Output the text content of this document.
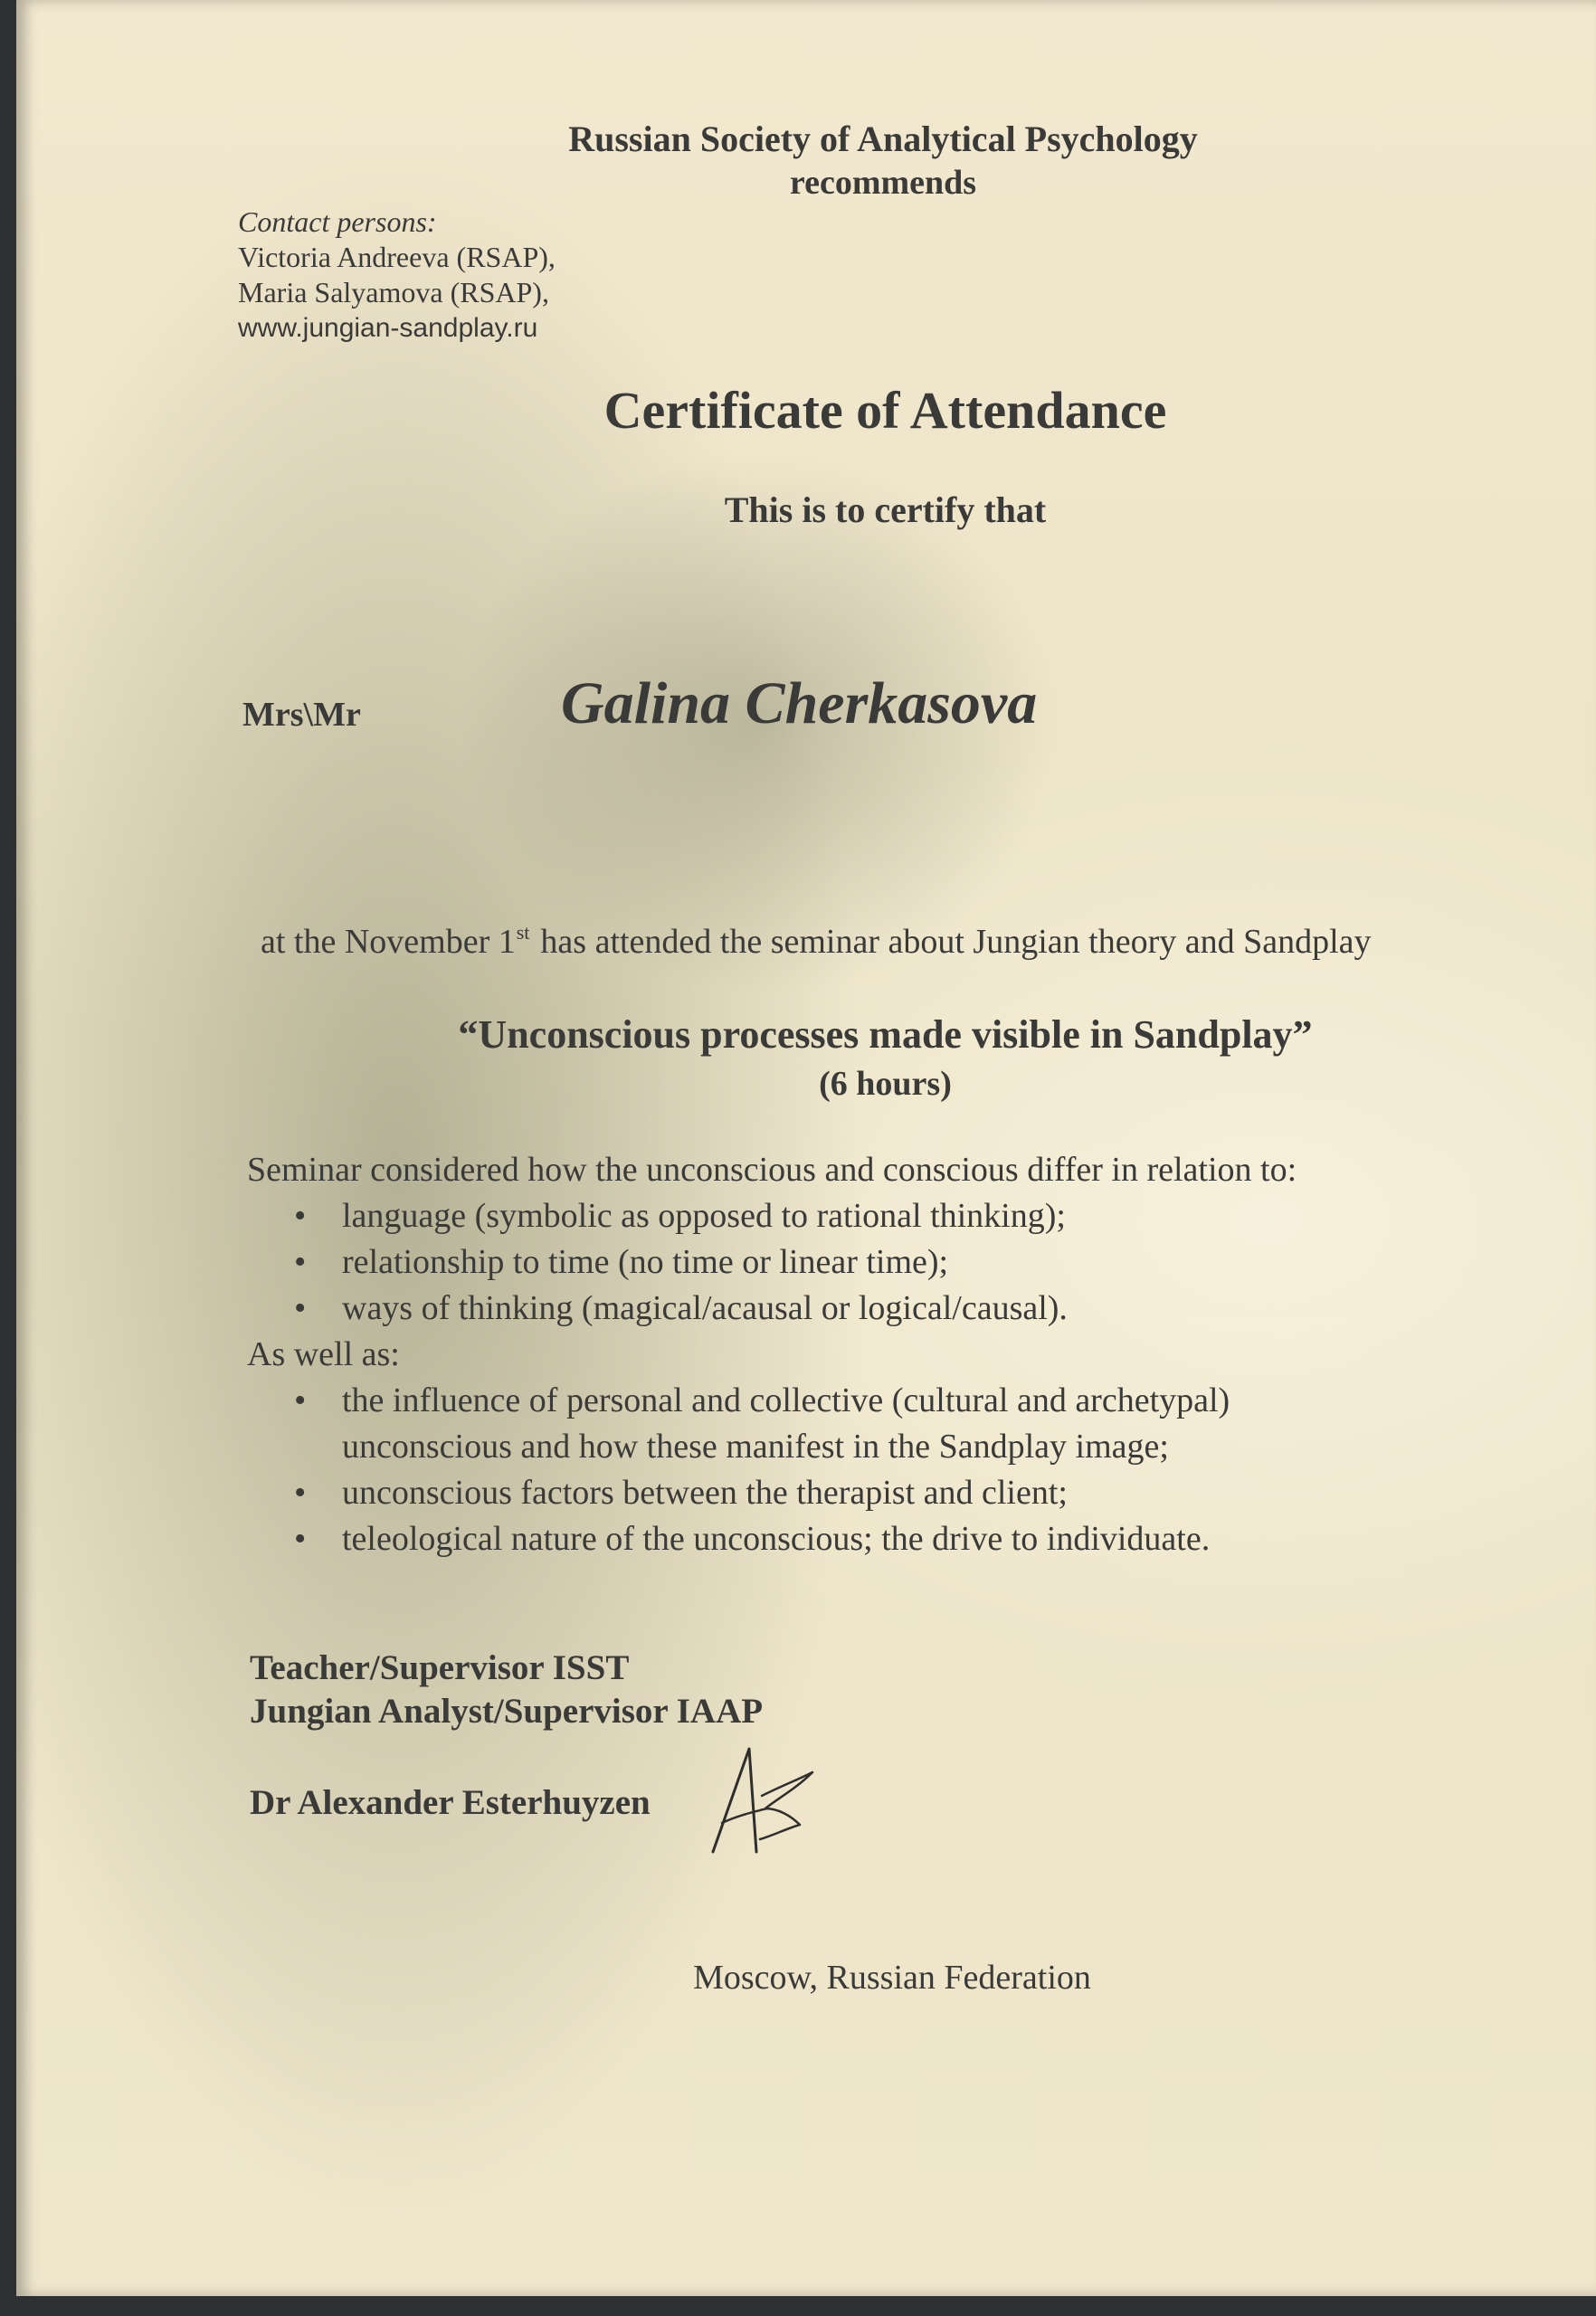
Russian Society of Analytical Psychology
recommends
Contact persons:
Victoria Andreeva (RSAP),
Maria Salyamova (RSAP),
www.jungian-sandplay.ru
Certificate of Attendance
This is to certify that
Mrs\Mr	Galina Cherkasova
at the November 1st has attended the seminar about Jungian theory and Sandplay
“Unconscious processes made visible in Sandplay”
(6 hours)
Seminar considered how the unconscious and conscious differ in relation to:
• language (symbolic as opposed to rational thinking);
• relationship to time (no time or linear time);
• ways of thinking (magical/acausal or logical/causal).
As well as:
• the influence of personal and collective (cultural and archetypal)
unconscious and how these manifest in the Sandplay image;
• unconscious factors between the therapist and client;
• teleological nature of the unconscious; the drive to individuate.
Teacher/Supervisor ISST
Jungian Analyst/Supervisor IAAP
Dr Alexander Esterhuyzen
Moscow, Russian Federation
